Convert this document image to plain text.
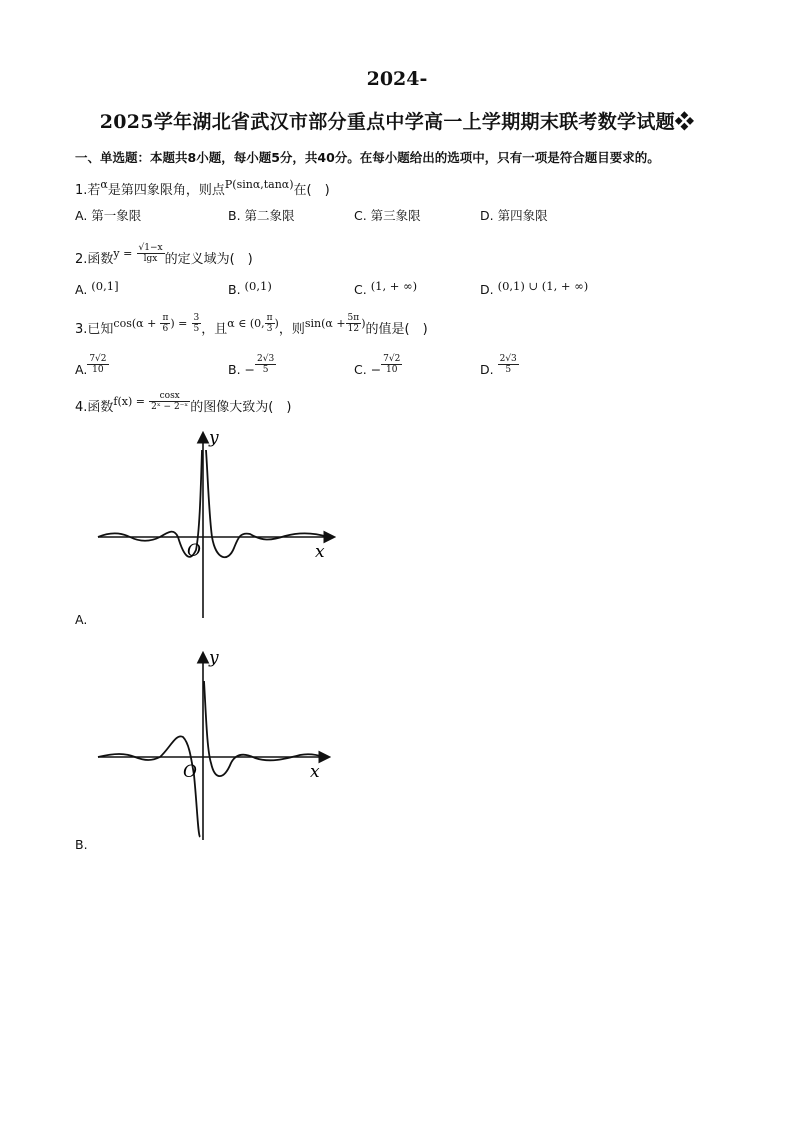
2024-
2025学年湖北省武汉市部分重点中学高一上学期期末联考数学试题❖
一、单选题：本题共8小题，每小题5分，共40分。在每小题给出的选项中，只有一项是符合题目要求的。
1.若$^\alpha$是第四象限角，则点$^{P(sin\alpha,tan\alpha)}$在(　)
A. 第一象限	B. 第二象限	C. 第三象限	D. 第四象限
2.函数$^{y =} \frac{√1-x}{\lg x}$ 的定义域为(　)
A. (0,1]	B. (0,1)	C. (1, + ∞)	D. (0,1) ∪ (1, + ∞)
3.已知$^{cos(\alpha +} \frac{\pi}{6} ^{) =} \frac{3}{5}$ ，且$^{\alpha \in (0,} \frac{\pi}{3} ^)$，则$^{sin(\alpha +} \frac{5\pi}{12} ^)$的值是(　)
A. $\frac{7√2}{10}$	B. − $\frac{2√3}{5}$	C. − $\frac{7√2}{10}$	D. $\frac{2√3}{5}$
4.函数$^{f(x) =} \frac{\cos x}{\text{2ˣ − 2⁻ˣ}}$ 的图像大致为(　)
y
x
O
A.
y
x
O
B.
